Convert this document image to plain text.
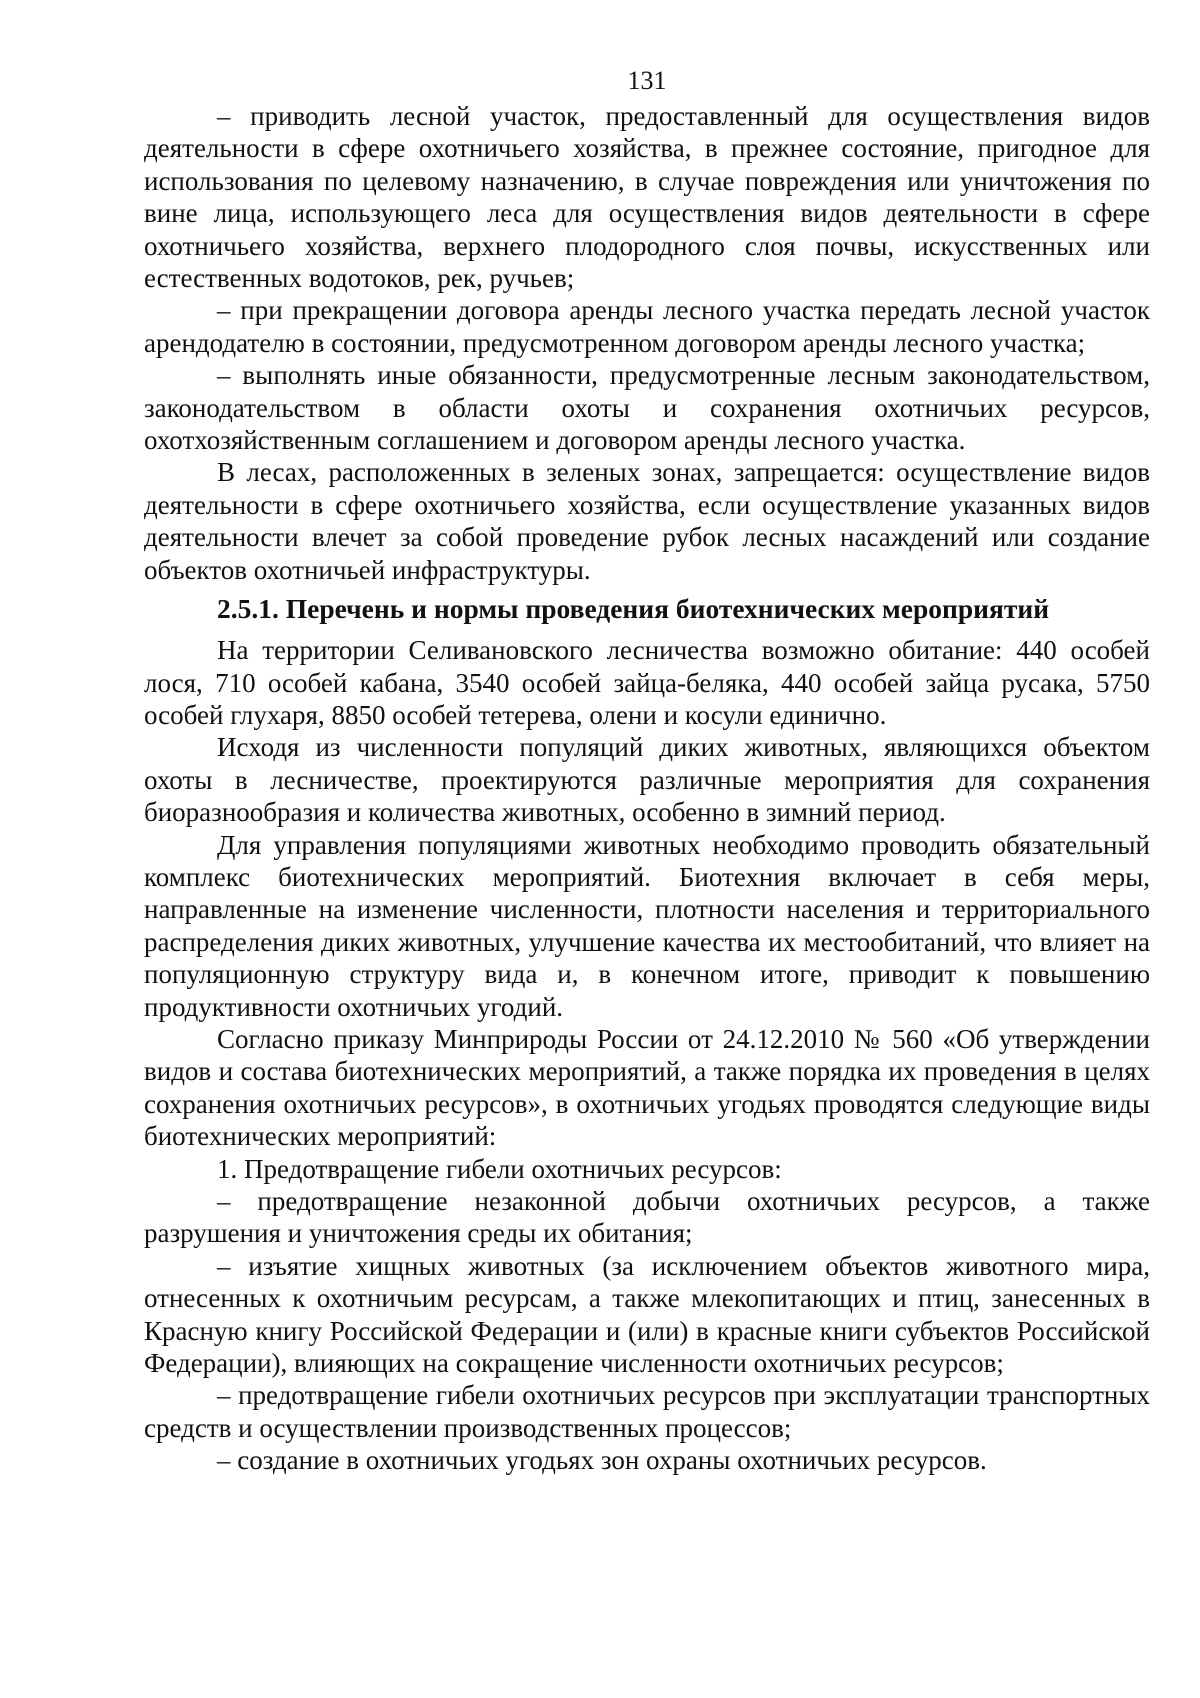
131

– приводить лесной участок, предоставленный для осуществления видов деятельности в сфере охотничьего хозяйства, в прежнее состояние, пригодное для использования по целевому назначению, в случае повреждения или уничтожения по вине лица, использующего леса для осуществления видов деятельности в сфере охотничьего хозяйства, верхнего плодородного слоя почвы, искусственных или естественных водотоков, рек, ручьев;

– при прекращении договора аренды лесного участка передать лесной участок арендодателю в состоянии, предусмотренном договором аренды лесного участка;

– выполнять иные обязанности, предусмотренные лесным законодательством, законодательством в области охоты и сохранения охотничьих ресурсов, охотхозяйственным соглашением и договором аренды лесного участка.

В лесах, расположенных в зеленых зонах, запрещается: осуществление видов деятельности в сфере охотничьего хозяйства, если осуществление указанных видов деятельности влечет за собой проведение рубок лесных насаждений или создание объектов охотничьей инфраструктуры.

2.5.1. Перечень и нормы проведения биотехнических мероприятий

На территории Селивановского лесничества возможно обитание: 440 особей лося, 710 особей кабана, 3540 особей зайца-беляка, 440 особей зайца русака, 5750 особей глухаря, 8850 особей тетерева, олени и косули единично.

Исходя из численности популяций диких животных, являющихся объектом охоты в лесничестве, проектируются различные мероприятия для сохранения биоразнообразия и количества животных, особенно в зимний период.

Для управления популяциями животных необходимо проводить обязательный комплекс биотехнических мероприятий. Биотехния включает в себя меры, направленные на изменение численности, плотности населения и территориального распределения диких животных, улучшение качества их местообитаний, что влияет на популяционную структуру вида и, в конечном итоге, приводит к повышению продуктивности охотничьих угодий.

Согласно приказу Минприроды России от 24.12.2010 № 560 «Об утверждении видов и состава биотехнических мероприятий, а также порядка их проведения в целях сохранения охотничьих ресурсов», в охотничьих угодьях проводятся следующие виды биотехнических мероприятий:

1. Предотвращение гибели охотничьих ресурсов:

– предотвращение незаконной добычи охотничьих ресурсов, а также разрушения и уничтожения среды их обитания;

– изъятие хищных животных (за исключением объектов животного мира, отнесенных к охотничьим ресурсам, а также млекопитающих и птиц, занесенных в Красную книгу Российской Федерации и (или) в красные книги субъектов Российской Федерации), влияющих на сокращение численности охотничьих ресурсов;

– предотвращение гибели охотничьих ресурсов при эксплуатации транспортных средств и осуществлении производственных процессов;

– создание в охотничьих угодьях зон охраны охотничьих ресурсов.
